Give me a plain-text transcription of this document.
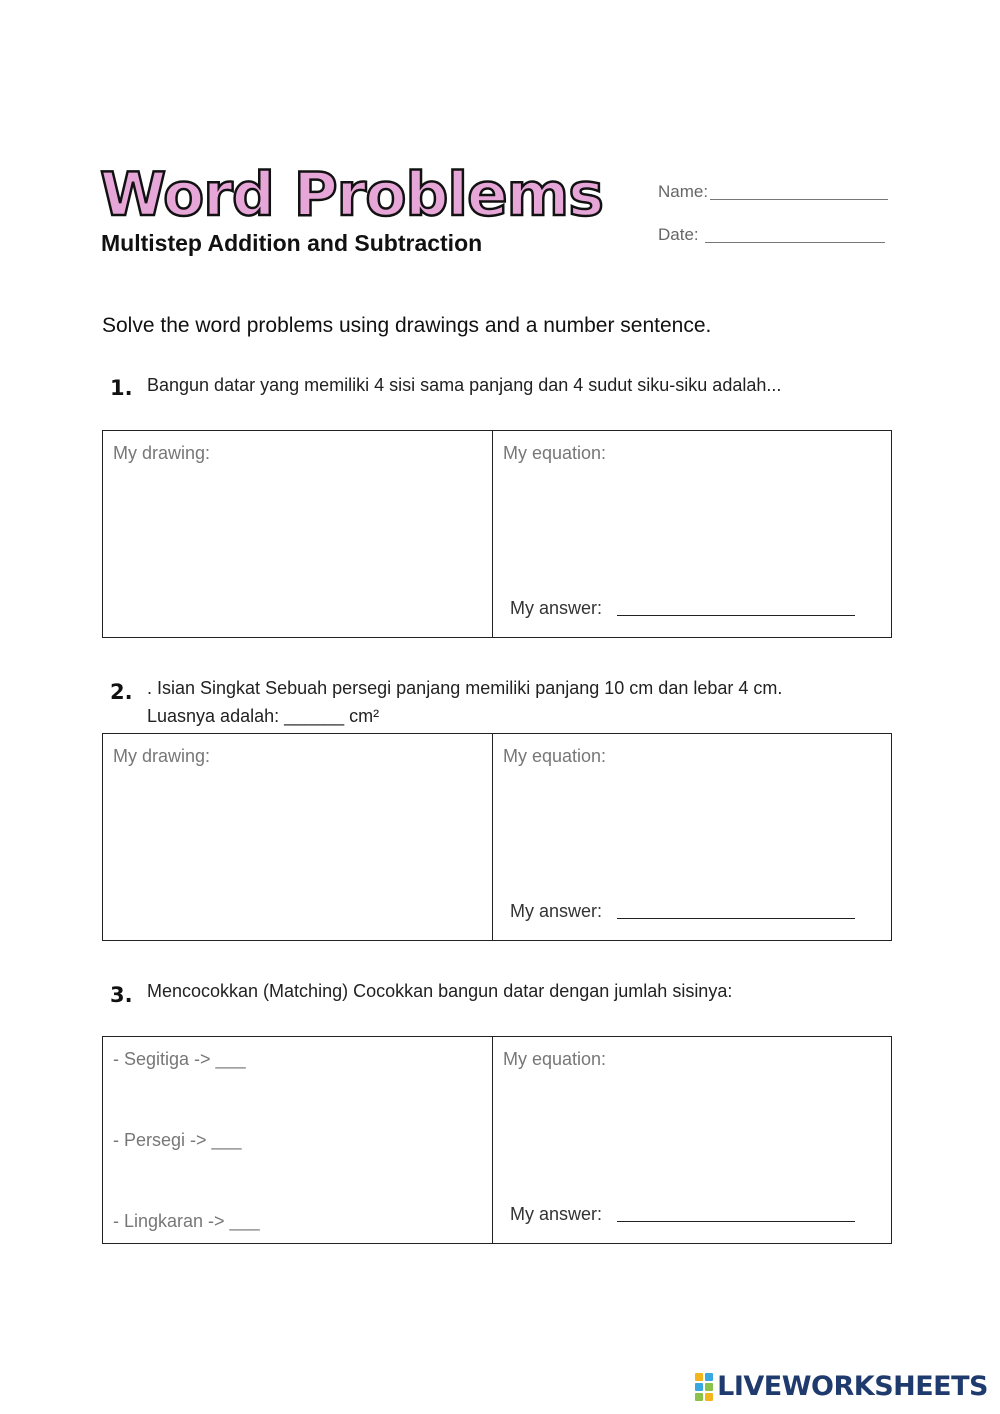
Word Problems
Multistep Addition and Subtraction
Name:
Date:
Solve the word problems using drawings and a number sentence.
1. Bangun datar yang memiliki 4 sisi sama panjang dan 4 sudut siku-siku adalah...
My drawing:	My equation:
My answer:
2. . Isian Singkat Sebuah persegi panjang memiliki panjang 10 cm dan lebar 4 cm.
Luasnya adalah: ______ cm²
My drawing:	My equation:
My answer:
3. Mencocokkan (Matching) Cocokkan bangun datar dengan jumlah sisinya:
- Segitiga -> ___
- Persegi -> ___
- Lingkaran -> ___
My equation:
My answer:
LIVEWORKSHEETS
